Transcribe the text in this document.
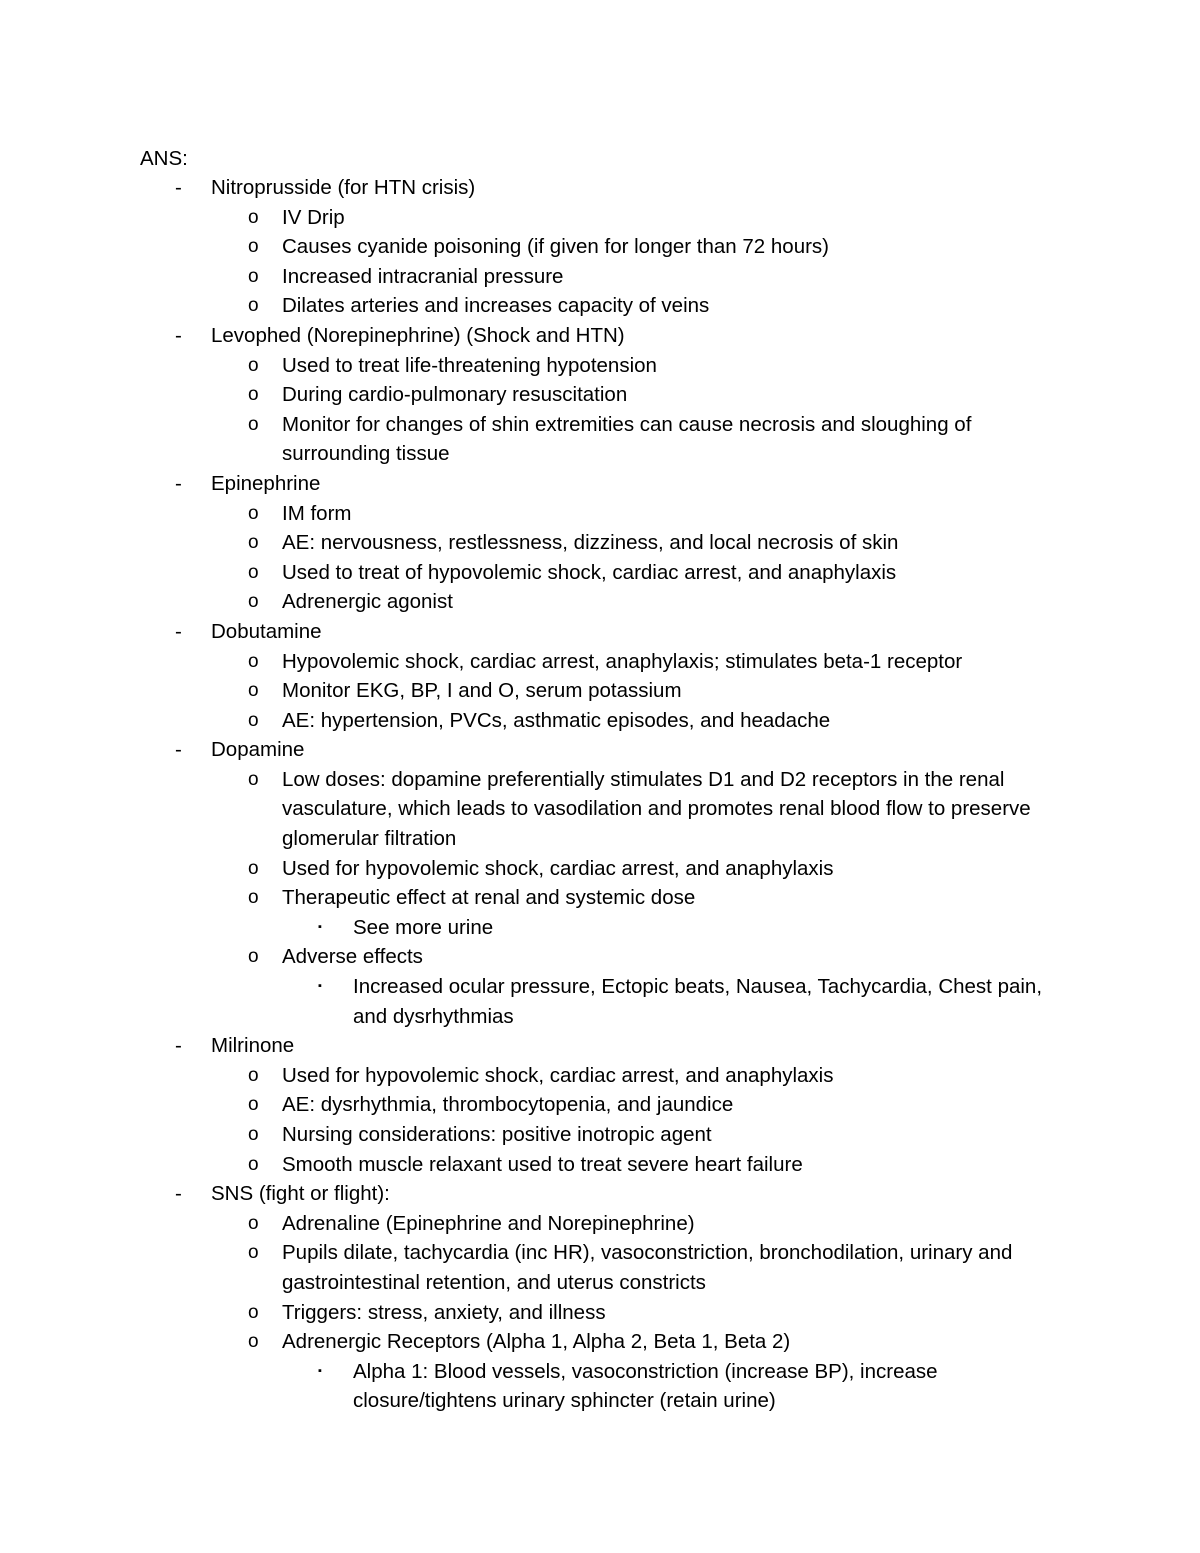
ANS:
- Nitroprusside (for HTN crisis)
o IV Drip
o Causes cyanide poisoning (if given for longer than 72 hours)
o Increased intracranial pressure
o Dilates arteries and increases capacity of veins
- Levophed (Norepinephrine) (Shock and HTN)
o Used to treat life-threatening hypotension
o During cardio-pulmonary resuscitation
o Monitor for changes of shin extremities can cause necrosis and sloughing of surrounding tissue
- Epinephrine
o IM form
o AE: nervousness, restlessness, dizziness, and local necrosis of skin
o Used to treat of hypovolemic shock, cardiac arrest, and anaphylaxis
o Adrenergic agonist
- Dobutamine
o Hypovolemic shock, cardiac arrest, anaphylaxis; stimulates beta-1 receptor
o Monitor EKG, BP, I and O, serum potassium
o AE: hypertension, PVCs, asthmatic episodes, and headache
- Dopamine
o Low doses: dopamine preferentially stimulates D1 and D2 receptors in the renal vasculature, which leads to vasodilation and promotes renal blood flow to preserve glomerular filtration
o Used for hypovolemic shock, cardiac arrest, and anaphylaxis
o Therapeutic effect at renal and systemic dose
▪ See more urine
o Adverse effects
▪ Increased ocular pressure, Ectopic beats, Nausea, Tachycardia, Chest pain, and dysrhythmias
- Milrinone
o Used for hypovolemic shock, cardiac arrest, and anaphylaxis
o AE: dysrhythmia, thrombocytopenia, and jaundice
o Nursing considerations: positive inotropic agent
o Smooth muscle relaxant used to treat severe heart failure
- SNS (fight or flight):
o Adrenaline (Epinephrine and Norepinephrine)
o Pupils dilate, tachycardia (inc HR), vasoconstriction, bronchodilation, urinary and gastrointestinal retention, and uterus constricts
o Triggers: stress, anxiety, and illness
o Adrenergic Receptors (Alpha 1, Alpha 2, Beta 1, Beta 2)
▪ Alpha 1: Blood vessels, vasoconstriction (increase BP), increase closure/tightens urinary sphincter (retain urine)
